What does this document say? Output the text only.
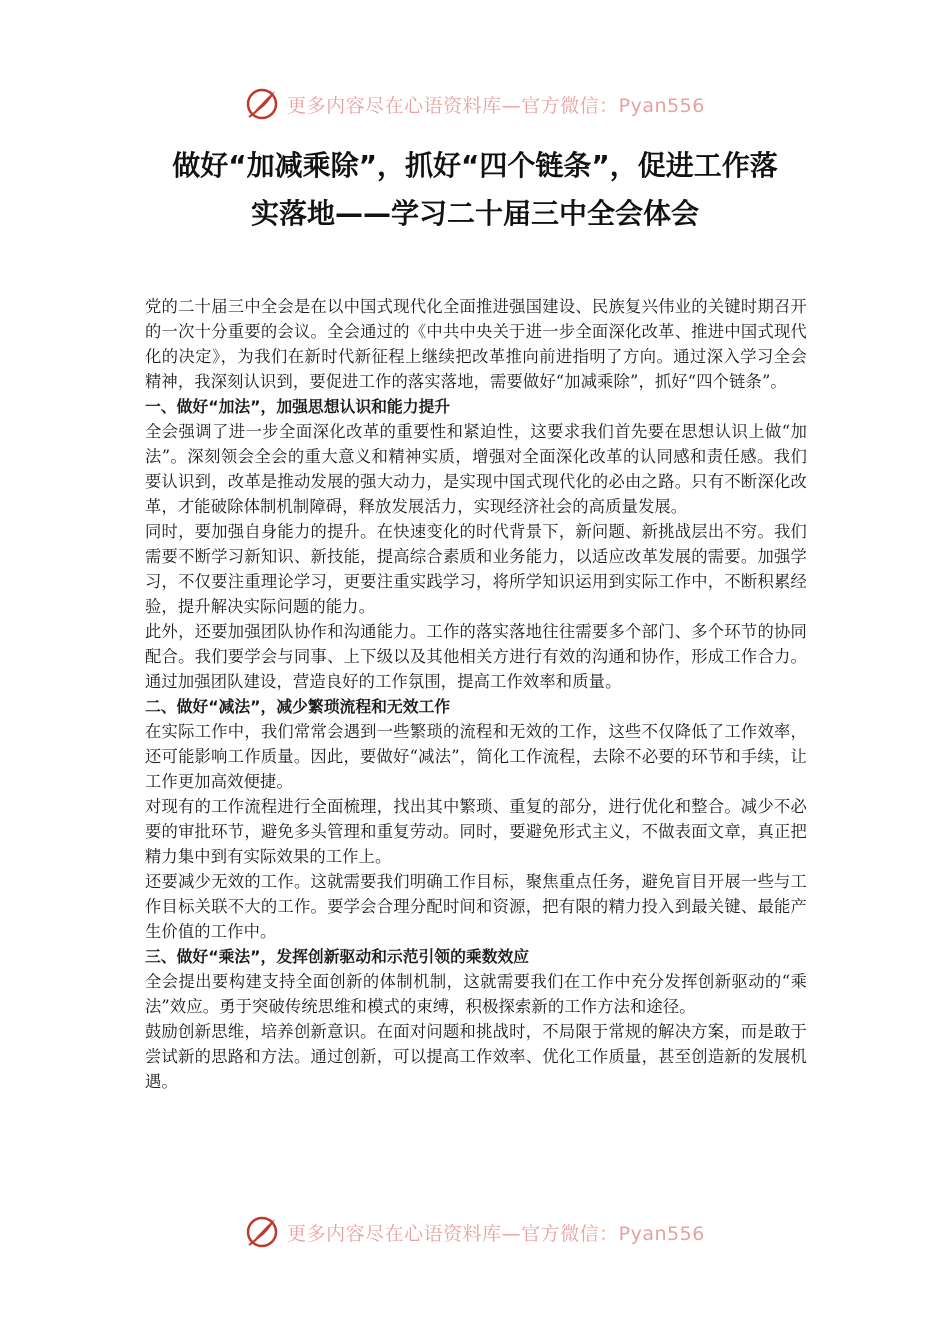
更多内容尽在心语资料库—官方微信：Pyan556
做好“加减乘除”，抓好“四个链条”，促进工作落
实落地——学习二十届三中全会体会

党的二十届三中全会是在以中国式现代化全面推进强国建设、民族复兴伟业的关键时期召开的一次十分重要的会议。全会通过的《中共中央关于进一步全面深化改革、推进中国式现代化的决定》，为我们在新时代新征程上继续把改革推向前进指明了方向。通过深入学习全会精神，我深刻认识到，要促进工作的落实落地，需要做好“加减乘除”，抓好“四个链条”。

一、做好“加法”，加强思想认识和能力提升

全会强调了进一步全面深化改革的重要性和紧迫性，这要求我们首先要在思想认识上做“加法”。深刻领会全会的重大意义和精神实质，增强对全面深化改革的认同感和责任感。我们要认识到，改革是推动发展的强大动力，是实现中国式现代化的必由之路。只有不断深化改革，才能破除体制机制障碍，释放发展活力，实现经济社会的高质量发展。

同时，要加强自身能力的提升。在快速变化的时代背景下，新问题、新挑战层出不穷。我们需要不断学习新知识、新技能，提高综合素质和业务能力，以适应改革发展的需要。加强学习，不仅要注重理论学习，更要注重实践学习，将所学知识运用到实际工作中，不断积累经验，提升解决实际问题的能力。

此外，还要加强团队协作和沟通能力。工作的落实落地往往需要多个部门、多个环节的协同配合。我们要学会与同事、上下级以及其他相关方进行有效的沟通和协作，形成工作合力。通过加强团队建设，营造良好的工作氛围，提高工作效率和质量。

二、做好“减法”，减少繁琐流程和无效工作

在实际工作中，我们常常会遇到一些繁琐的流程和无效的工作，这些不仅降低了工作效率，还可能影响工作质量。因此，要做好“减法”，简化工作流程，去除不必要的环节和手续，让工作更加高效便捷。

对现有的工作流程进行全面梳理，找出其中繁琐、重复的部分，进行优化和整合。减少不必要的审批环节，避免多头管理和重复劳动。同时，要避免形式主义，不做表面文章，真正把精力集中到有实际效果的工作上。

还要减少无效的工作。这就需要我们明确工作目标，聚焦重点任务，避免盲目开展一些与工作目标关联不大的工作。要学会合理分配时间和资源，把有限的精力投入到最关键、最能产生价值的工作中。

三、做好“乘法”，发挥创新驱动和示范引领的乘数效应

全会提出要构建支持全面创新的体制机制，这就需要我们在工作中充分发挥创新驱动的“乘法”效应。勇于突破传统思维和模式的束缚，积极探索新的工作方法和途径。

鼓励创新思维，培养创新意识。在面对问题和挑战时，不局限于常规的解决方案，而是敢于尝试新的思路和方法。通过创新，可以提高工作效率、优化工作质量，甚至创造新的发展机遇。

更多内容尽在心语资料库—官方微信：Pyan556
